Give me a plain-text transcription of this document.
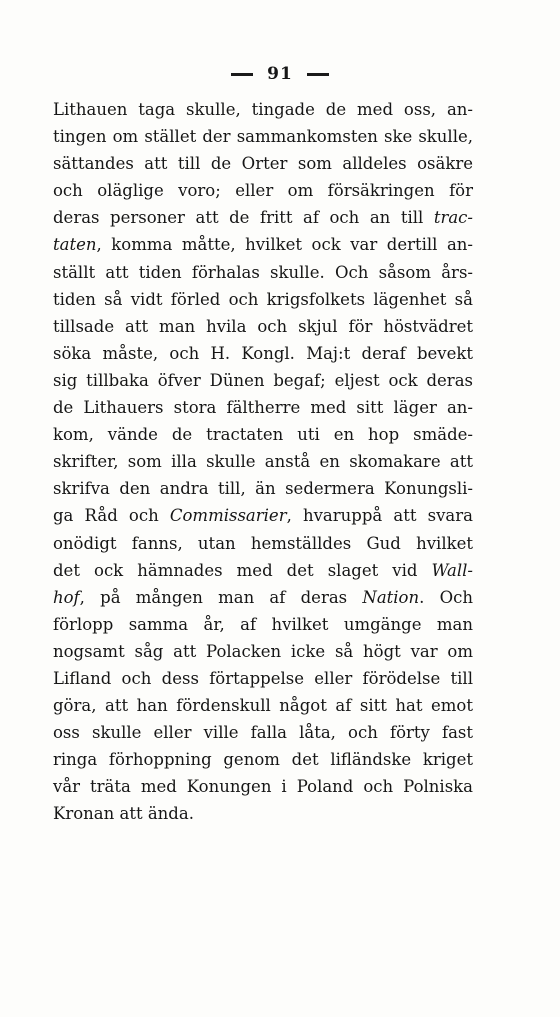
91
Lithauen taga skulle, tingade de med oss, an-
tingen om stället der sammankomsten ske skulle,
sättandes att till de Orter som alldeles osäkre
och oläglige voro; eller om försäkringen för
deras personer att de fritt af och an till trac-
taten, komma måtte, hvilket ock var dertill an-
ställt att tiden förhalas skulle. Och såsom års-
tiden så vidt förled och krigsfolkets lägenhet så
tillsade att man hvila och skjul för höstvädret
söka måste, och H. Kongl. Maj:t deraf bevekt
sig tillbaka öfver Dünen begaf; eljest ock deras
de Lithauers stora fältherre med sitt läger an-
kom, vände de tractaten uti en hop smäde-
skrifter, som illa skulle anstå en skomakare att
skrifva den andra till, än sedermera Konungsli-
ga Råd och Commissarier, hvaruppå att svara
onödigt fanns, utan hemställdes Gud hvilket
det ock hämnades med det slaget vid Wall-
hof, på mången man af deras Nation. Och
förlopp samma år, af hvilket umgänge man
nogsamt såg att Polacken icke så högt var om
Lifland och dess förtappelse eller förödelse till
göra, att han fördenskull något af sitt hat emot
oss skulle eller ville falla låta, och förty fast
ringa förhoppning genom det lifländske kriget
vår träta med Konungen i Poland och Polniska
Kronan att ända.
